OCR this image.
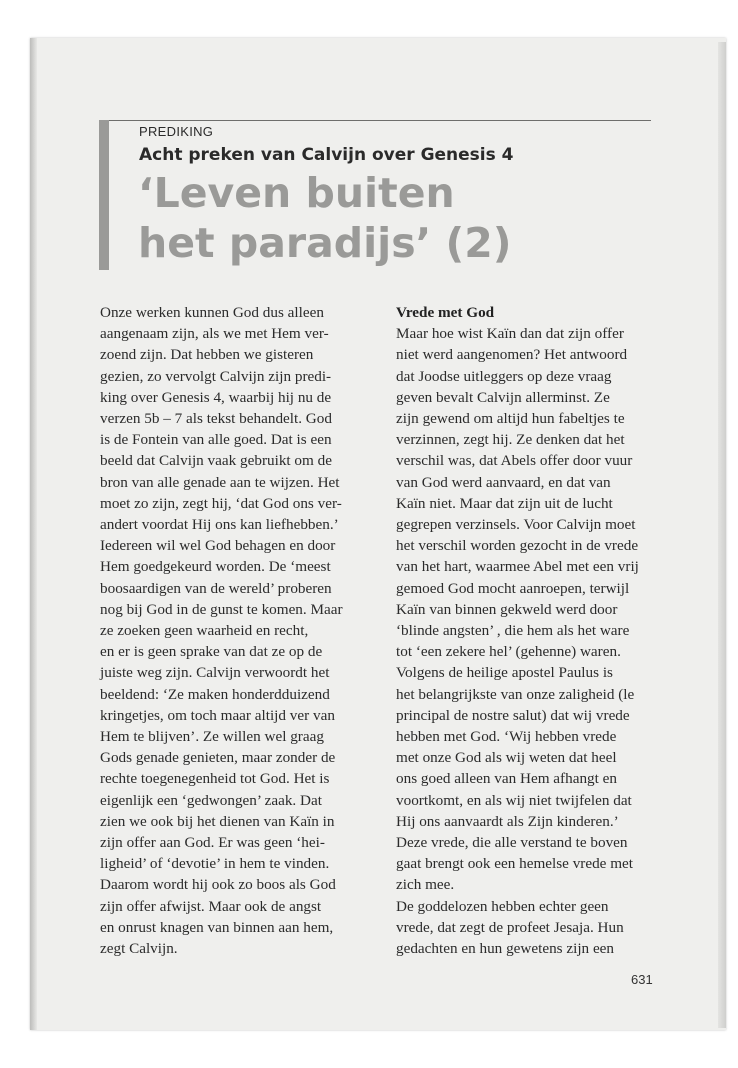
PREDIKING
Acht preken van Calvijn over Genesis 4
‘Leven buiten
het paradijs’ (2)

Onze werken kunnen God dus alleen

aangenaam zijn, als we met Hem ver-

zoend zijn. Dat hebben we gisteren

gezien, zo vervolgt Calvijn zijn predi-

king over Genesis 4, waarbij hij nu de

verzen 5b – 7 als tekst behandelt. God

is de Fontein van alle goed. Dat is een

beeld dat Calvijn vaak gebruikt om de

bron van alle genade aan te wijzen. Het

moet zo zijn, zegt hij, ‘dat God ons ver-

andert voordat Hij ons kan liefhebben.’

Iedereen wil wel God behagen en door

Hem goedgekeurd worden. De ‘meest

boosaardigen van de wereld’ proberen

nog bij God in de gunst te komen. Maar

ze zoeken geen waarheid en recht,

en er is geen sprake van dat ze op de

juiste weg zijn. Calvijn verwoordt het

beeldend: ‘Ze maken honderdduizend

kringetjes, om toch maar altijd ver van

Hem te blijven’. Ze willen wel graag

Gods genade genieten, maar zonder de

rechte toegenegenheid tot God. Het is

eigenlijk een ‘gedwongen’ zaak. Dat

zien we ook bij het dienen van Kaïn in

zijn offer aan God. Er was geen ‘hei-

ligheid’ of ‘devotie’ in hem te vinden.

Daarom wordt hij ook zo boos als God

zijn offer afwijst. Maar ook de angst

en onrust knagen van binnen aan hem,

zegt Calvijn.

Vrede met God

Maar hoe wist Kaïn dan dat zijn offer

niet werd aangenomen? Het antwoord

dat Joodse uitleggers op deze vraag

geven bevalt Calvijn allerminst. Ze

zijn gewend om altijd hun fabeltjes te

verzinnen, zegt hij. Ze denken dat het

verschil was, dat Abels offer door vuur

van God werd aanvaard, en dat van

Kaïn niet. Maar dat zijn uit de lucht

gegrepen verzinsels. Voor Calvijn moet

het verschil worden gezocht in de vrede

van het hart, waarmee Abel met een vrij

gemoed God mocht aanroepen, terwijl

Kaïn van binnen gekweld werd door

‘blinde angsten’ , die hem als het ware

tot ‘een zekere hel’ (gehenne) waren.

Volgens de heilige apostel Paulus is

het belangrijkste van onze zaligheid (le

principal de nostre salut) dat wij vrede

hebben met God. ‘Wij hebben vrede

met onze God als wij weten dat heel

ons goed alleen van Hem afhangt en

voortkomt, en als wij niet twijfelen dat

Hij ons aanvaardt als Zijn kinderen.’

Deze vrede, die alle verstand te boven

gaat brengt ook een hemelse vrede met

zich mee.

De goddelozen hebben echter geen

vrede, dat zegt de profeet Jesaja. Hun

gedachten en hun gewetens zijn een

631
